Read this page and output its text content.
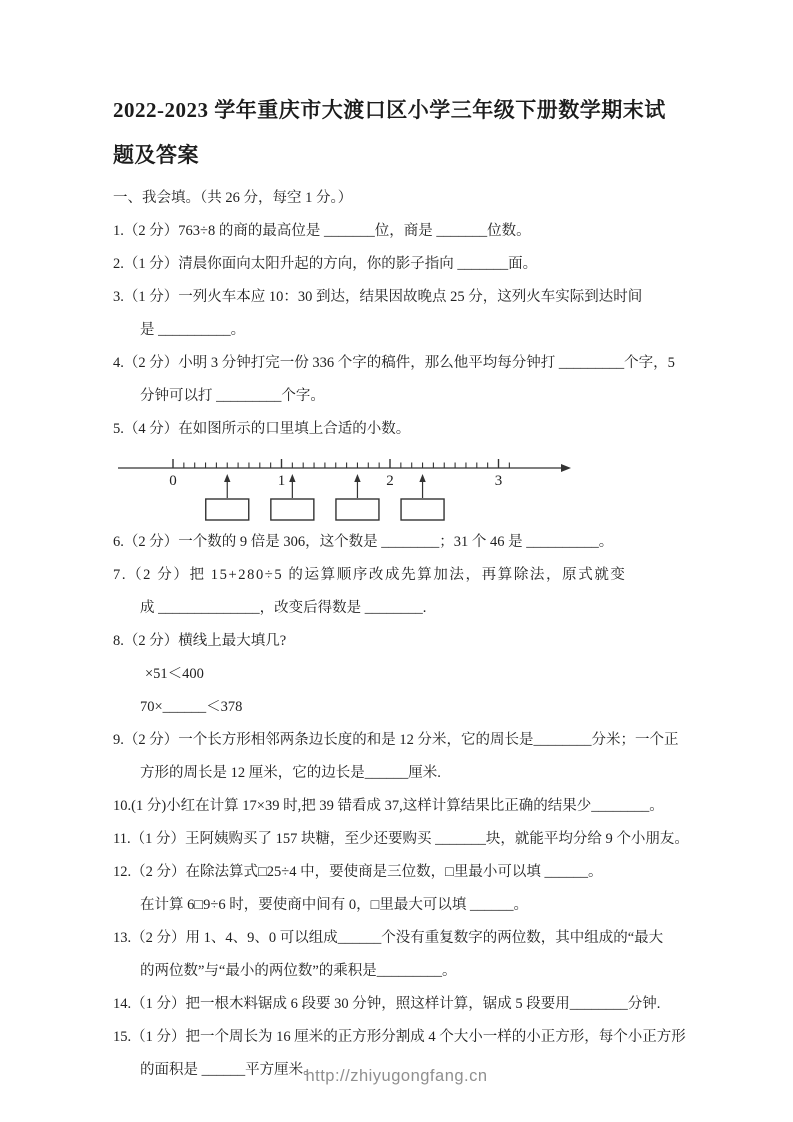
2022-2023 学年重庆市大渡口区小学三年级下册数学期末试
题及答案
一、我会填。（共 26 分，每空 1 分。）
1.（2 分）763÷8 的商的最高位是 _______位，商是 _______位数。
2.（1 分）清晨你面向太阳升起的方向，你的影子指向 _______面。
3.（1 分）一列火车本应 10：30 到达，结果因故晚点 25 分，这列火车实际到达时间
是 __________。
4.（2 分）小明 3 分钟打完一份 336 个字的稿件，那么他平均每分钟打 _________个字，5
分钟可以打 _________个字。
5.（4 分）在如图所示的口里填上合适的小数。
0	1	2	3
6.（2 分）一个数的 9 倍是 306，这个数是 ________；31 个 46 是 __________。
7.（2 分）把 15+280÷5 的运算顺序改成先算加法，再算除法，原式就变
成 ______________，改变后得数是 ________.
8.（2 分）横线上最大填几?
×51＜400
70×______＜378
9.（2 分）一个长方形相邻两条边长度的和是 12 分米，它的周长是________分米；一个正
方形的周长是 12 厘米，它的边长是______厘米.
10.(1 分)小红在计算 17×39 时,把 39 错看成 37,这样计算结果比正确的结果少________。
11.（1 分）王阿姨购买了 157 块糖，至少还要购买 _______块，就能平均分给 9 个小朋友。
12.（2 分）在除法算式□25÷4 中，要使商是三位数，□里最小可以填 ______。
在计算 6□9÷6 时，要使商中间有 0，□里最大可以填 ______。
13.（2 分）用 1、4、9、0 可以组成______个没有重复数字的两位数，其中组成的“最大
的两位数”与“最小的两位数”的乘积是_________。
14.（1 分）把一根木料锯成 6 段要 30 分钟，照这样计算，锯成 5 段要用________分钟.
15.（1 分）把一个周长为 16 厘米的正方形分割成 4 个大小一样的小正方形，每个小正方形
的面积是 ______平方厘米。
http://zhiyugongfang.cn
